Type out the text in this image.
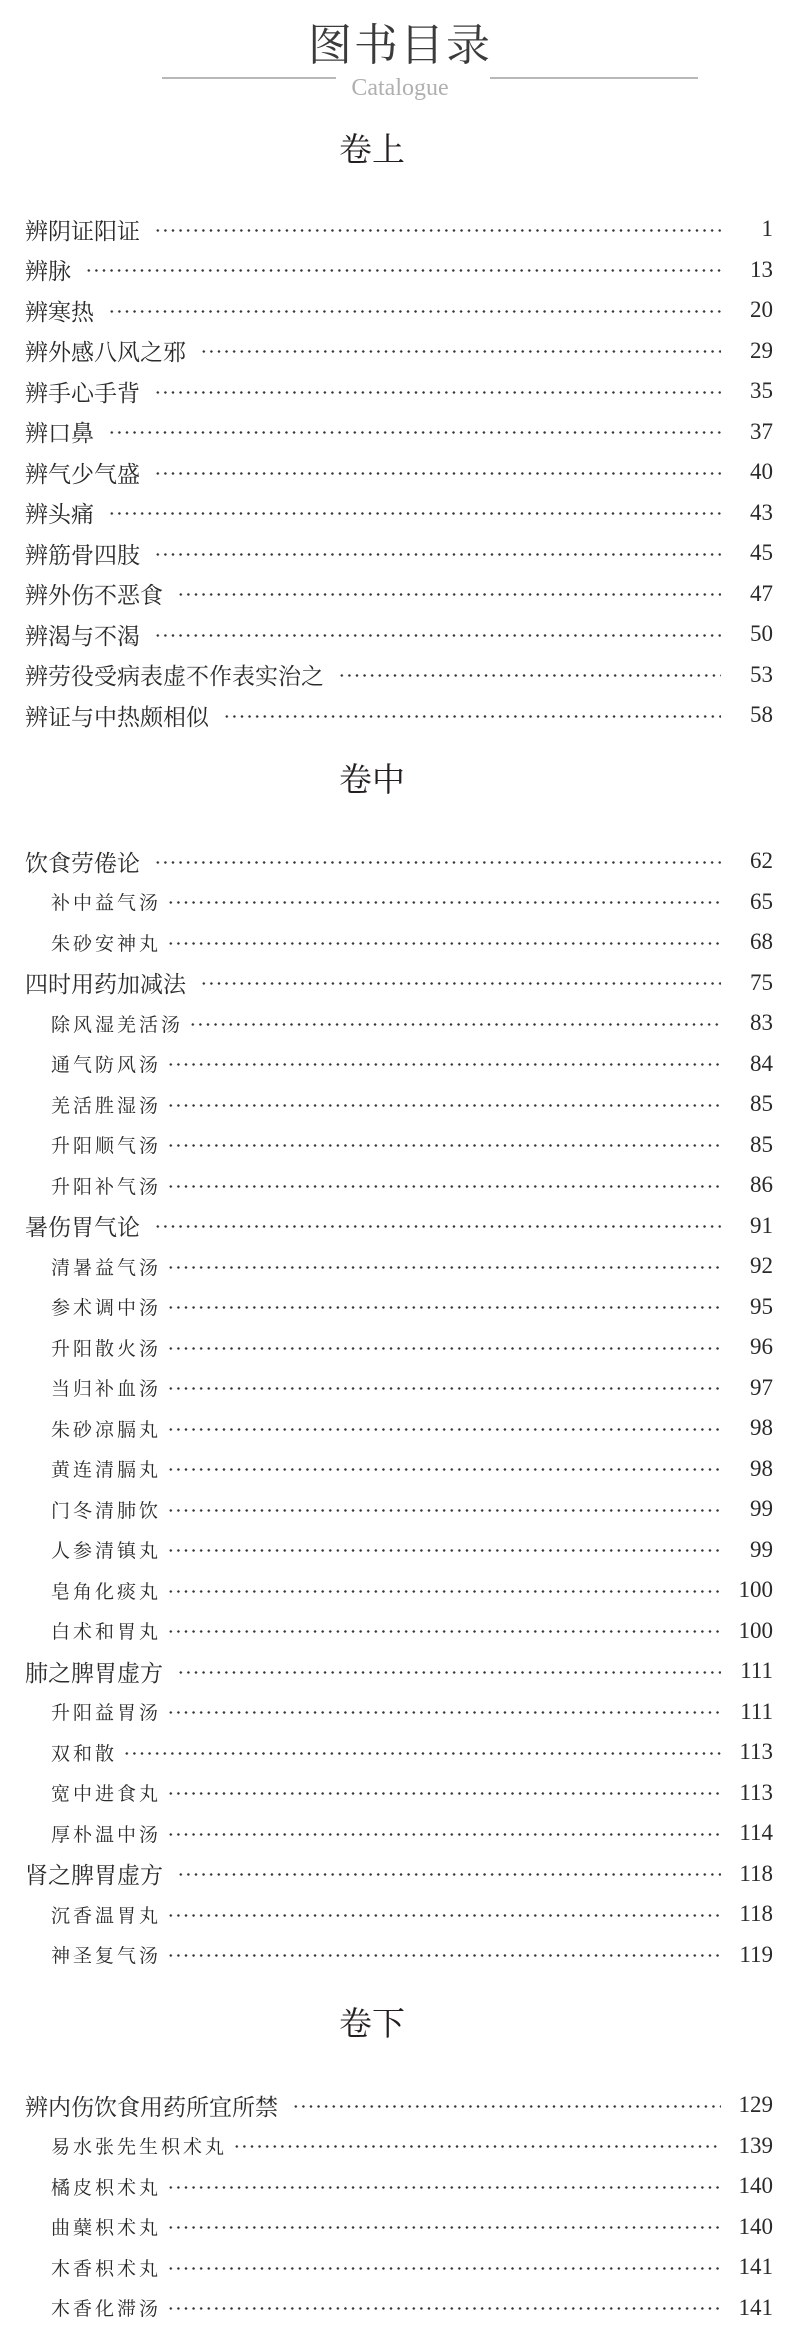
图书目录
Catalogue
卷上
辨阴证阳证	1
辨脉	13
辨寒热	20
辨外感八风之邪	29
辨手心手背	35
辨口鼻	37
辨气少气盛	40
辨头痛	43
辨筋骨四肢	45
辨外伤不恶食	47
辨渴与不渴	50
辨劳役受病表虚不作表实治之	53
辨证与中热颇相似	58
卷中
饮食劳倦论	62
补中益气汤	65
朱砂安神丸	68
四时用药加减法	75
除风湿羌活汤	83
通气防风汤	84
羌活胜湿汤	85
升阳顺气汤	85
升阳补气汤	86
暑伤胃气论	91
清暑益气汤	92
参术调中汤	95
升阳散火汤	96
当归补血汤	97
朱砂凉膈丸	98
黄连清膈丸	98
门冬清肺饮	99
人参清镇丸	99
皂角化痰丸	100
白术和胃丸	100
肺之脾胃虚方	111
升阳益胃汤	111
双和散	113
宽中进食丸	113
厚朴温中汤	114
肾之脾胃虚方	118
沉香温胃丸	118
神圣复气汤	119
卷下
辨内伤饮食用药所宜所禁	129
易水张先生枳术丸	139
橘皮枳术丸	140
曲蘖枳术丸	140
木香枳术丸	141
木香化滞汤	141
